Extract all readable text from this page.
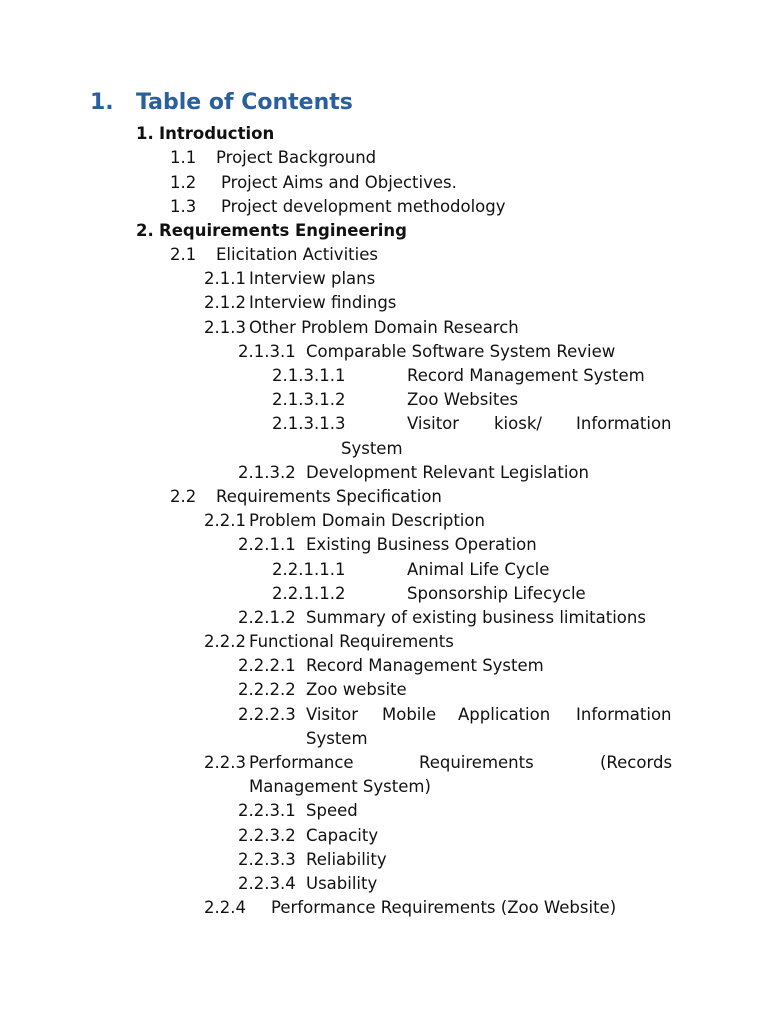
1. Table of Contents
1. Introduction
1.1 Project Background
1.2 Project Aims and Objectives.
1.3 Project development methodology
2. Requirements Engineering
2.1 Elicitation Activities
2.1.1 Interview plans
2.1.2 Interview findings
2.1.3 Other Problem Domain Research
2.1.3.1 Comparable Software System Review
2.1.3.1.1	Record Management System
2.1.3.1.2	Zoo Websites
2.1.3.1.3	Visitor kiosk/ Information
System
2.1.3.2 Development Relevant Legislation
2.2 Requirements Specification
2.2.1 Problem Domain Description
2.2.1.1 Existing Business Operation
2.2.1.1.1	Animal Life Cycle
2.2.1.1.2	Sponsorship Lifecycle
2.2.1.2 Summary of existing business limitations
2.2.2 Functional Requirements
2.2.2.1 Record Management System
2.2.2.2 Zoo website
2.2.2.3 Visitor Mobile Application Information
System
2.2.3 Performance	Requirements	(Records
Management System)
2.2.3.1 Speed
2.2.3.2 Capacity
2.2.3.3 Reliability
2.2.3.4 Usability
2.2.4 Performance Requirements (Zoo Website)
